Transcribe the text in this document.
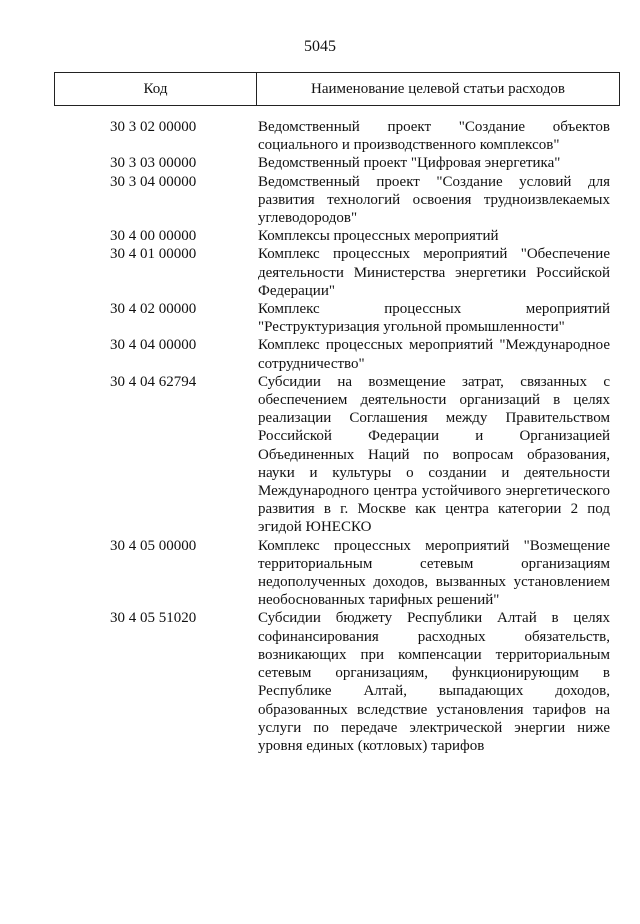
5045
Код	Наименование целевой статьи расходов
30 3 02 00000	Ведомственный проект "Создание объектов социального и производственного комплексов"
30 3 03 00000	Ведомственный проект "Цифровая энергетика"
30 3 04 00000	Ведомственный проект "Создание условий для развития технологий освоения трудноизвлекаемых углеводородов"
30 4 00 00000	Комплексы процессных мероприятий
30 4 01 00000	Комплекс процессных мероприятий "Обеспечение деятельности Министерства энергетики Российской Федерации"
30 4 02 00000	Комплекс процессных мероприятий "Реструктуризация угольной промышленности"
30 4 04 00000	Комплекс процессных мероприятий "Международное сотрудничество"
30 4 04 62794	Субсидии на возмещение затрат, связанных с обеспечением деятельности организаций в целях реализации Соглашения между Правительством Российской Федерации и Организацией Объединенных Наций по вопросам образования, науки и культуры о создании и деятельности Международного центра устойчивого энергетического развития в г. Москве как центра категории 2 под эгидой ЮНЕСКО
30 4 05 00000	Комплекс процессных мероприятий "Возмещение территориальным сетевым организациям недополученных доходов, вызванных установлением необоснованных тарифных решений"
30 4 05 51020	Субсидии бюджету Республики Алтай в целях софинансирования расходных обязательств, возникающих при компенсации территориальным сетевым организациям, функционирующим в Республике Алтай, выпадающих доходов, образованных вследствие установления тарифов на услуги по передаче электрической энергии ниже уровня единых (котловых) тарифов
